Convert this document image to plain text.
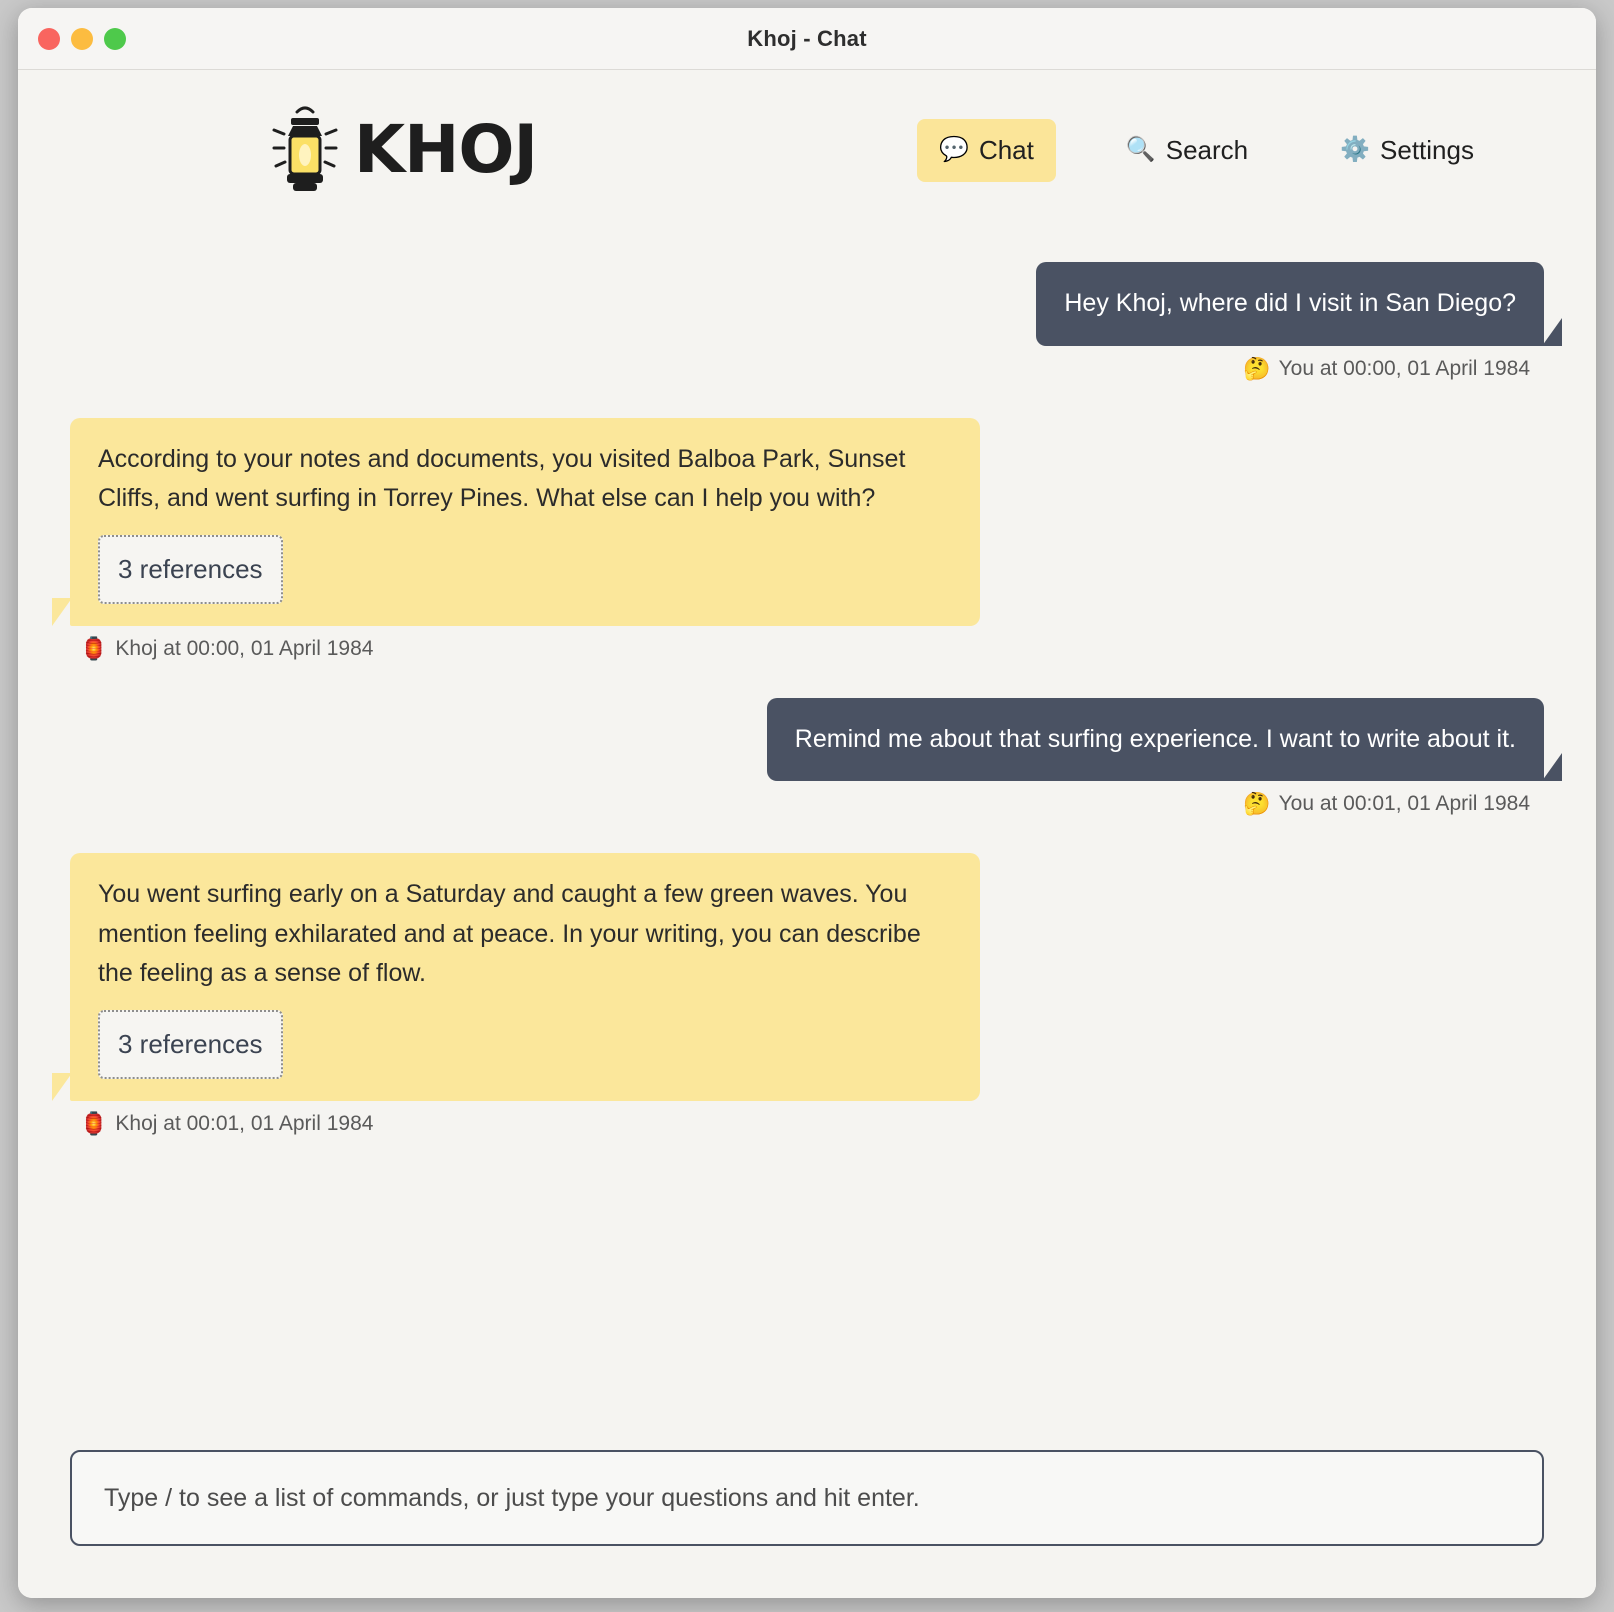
Khoj - Chat
KHOJ	💬 Chat	🔍 Search	⚙️ Settings
Hey Khoj, where did I visit in San Diego?
🤔 You at 00:00, 01 April 1984
According to your notes and documents, you visited Balboa Park, Sunset Cliffs, and went surfing in Torrey Pines. What else can I help you with?
3 references
🏮 Khoj at 00:00, 01 April 1984
Remind me about that surfing experience. I want to write about it.
🤔 You at 00:01, 01 April 1984
You went surfing early on a Saturday and caught a few green waves. You mention feeling exhilarated and at peace. In your writing, you can describe the feeling as a sense of flow.
3 references
🏮 Khoj at 00:01, 01 April 1984
Type / to see a list of commands, or just type your questions and hit enter.
